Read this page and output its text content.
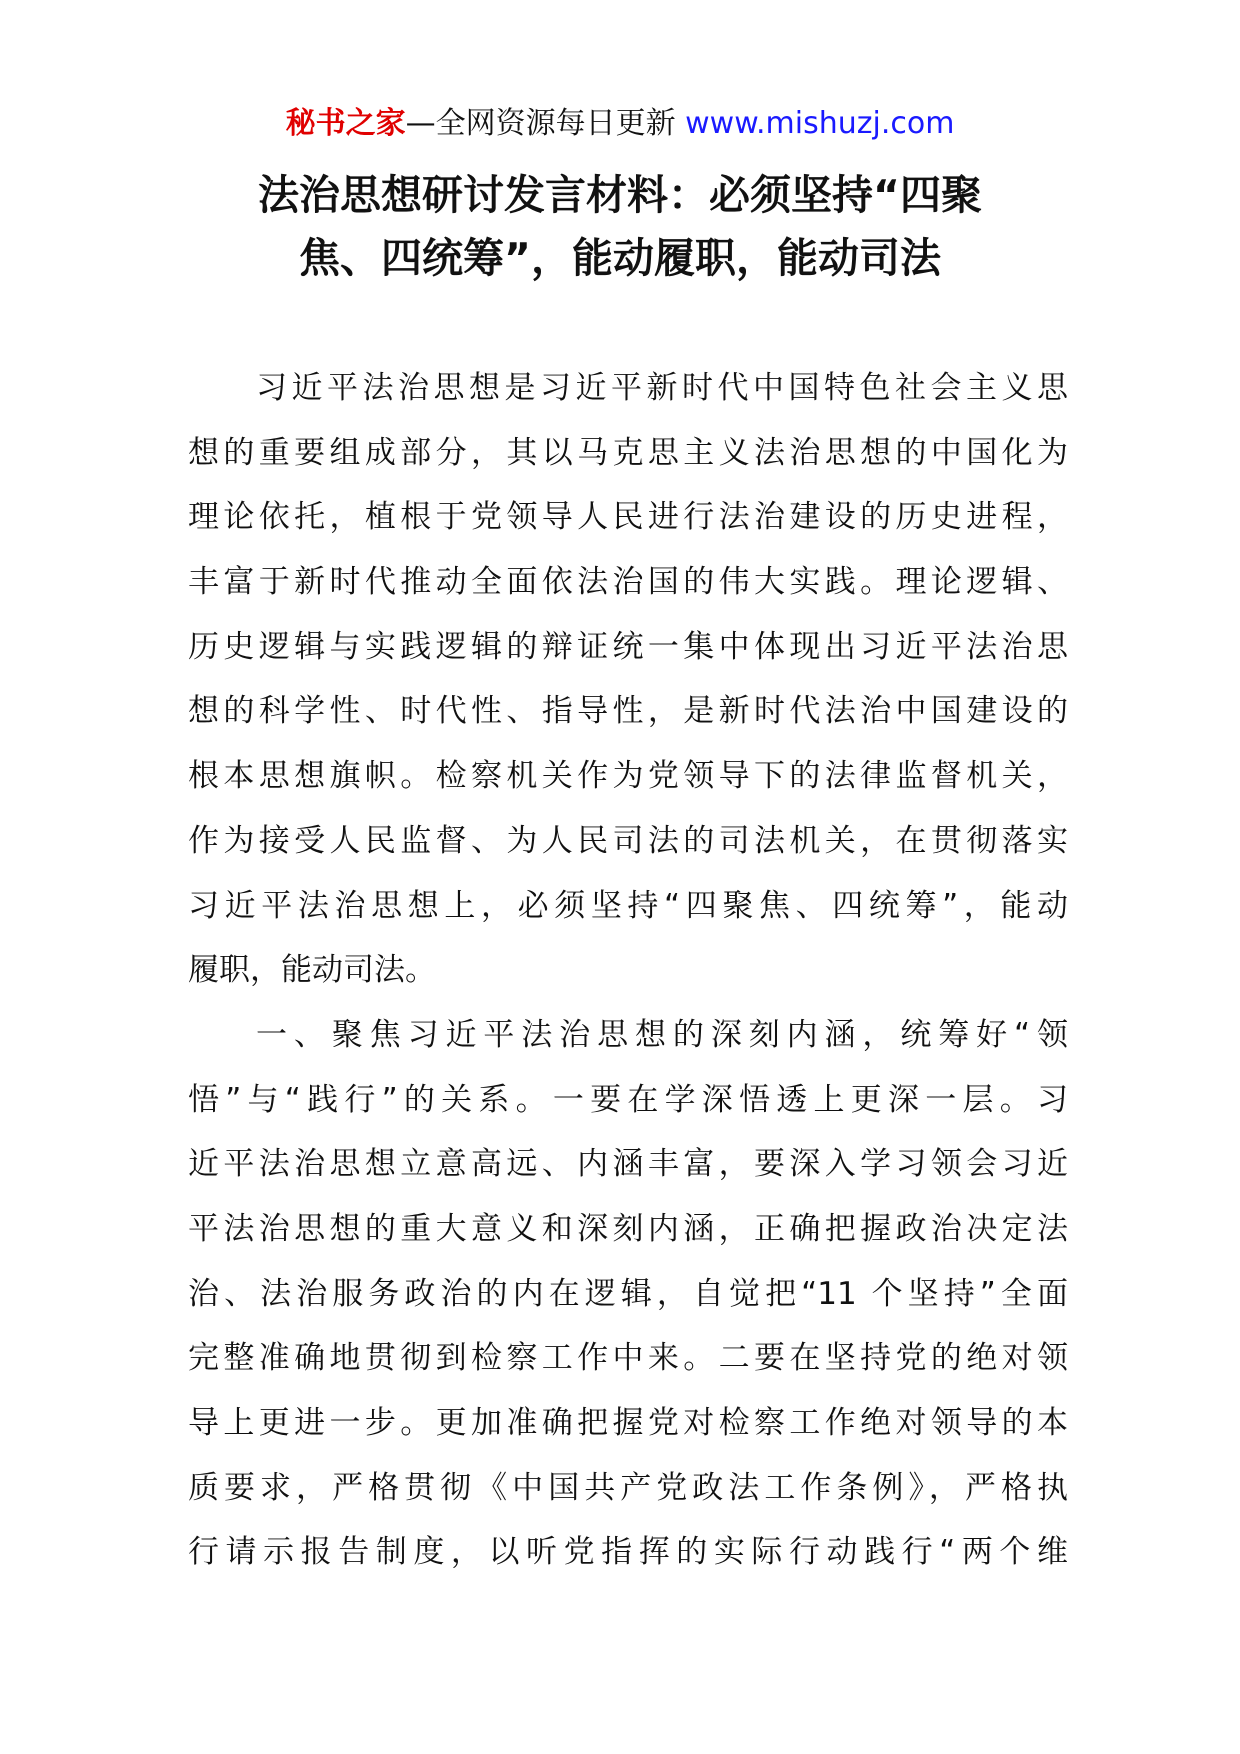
秘书之家—全网资源每日更新 www.mishuzj.com
法治思想研讨发言材料：必须坚持“四聚
焦、四统筹”，能动履职，能动司法
习近平法治思想是习近平新时代中国特色社会主义思
想的重要组成部分，其以马克思主义法治思想的中国化为
理论依托，植根于党领导人民进行法治建设的历史进程，
丰富于新时代推动全面依法治国的伟大实践。理论逻辑、
历史逻辑与实践逻辑的辩证统一集中体现出习近平法治思
想的科学性、时代性、指导性，是新时代法治中国建设的
根本思想旗帜。检察机关作为党领导下的法律监督机关，
作为接受人民监督、为人民司法的司法机关，在贯彻落实
习近平法治思想上，必须坚持“四聚焦、四统筹”，能动
履职，能动司法。
一、聚焦习近平法治思想的深刻内涵，统筹好“领
悟”与“践行”的关系。一要在学深悟透上更深一层。习
近平法治思想立意高远、内涵丰富，要深入学习领会习近
平法治思想的重大意义和深刻内涵，正确把握政治决定法
治、法治服务政治的内在逻辑，自觉把“11 个坚持”全面
完整准确地贯彻到检察工作中来。二要在坚持党的绝对领
导上更进一步。更加准确把握党对检察工作绝对领导的本
质要求，严格贯彻《中国共产党政法工作条例》，严格执
行请示报告制度，以听党指挥的实际行动践行“两个维
